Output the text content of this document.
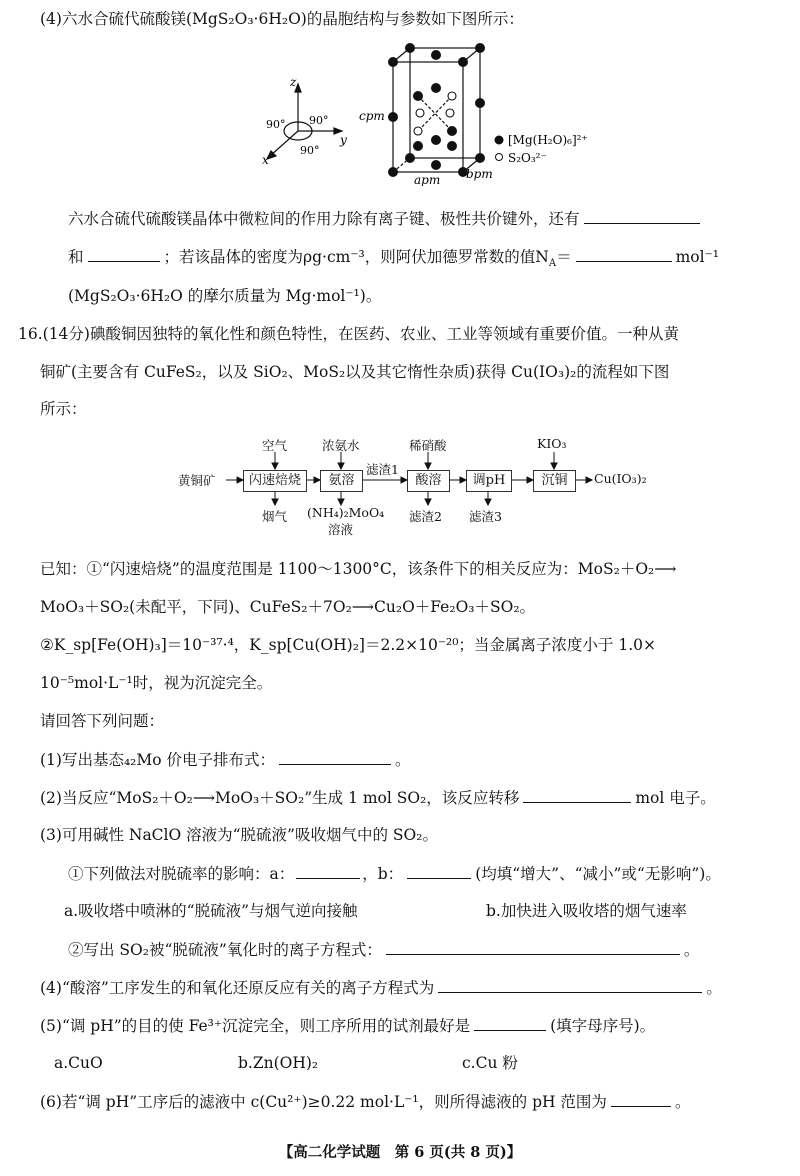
(4)六水合硫代硫酸镁(MgS₂O₃·6H₂O)的晶胞结构与参数如下图所示：
z
y
x
90° 90°
90°
cpm
apm bpm
[Mg(H₂O)₆]²⁺
S₂O₃²⁻
六水合硫代硫酸镁晶体中微粒间的作用力除有离子键、极性共价键外，还有
和	；若该晶体的密度为ρg·cm⁻³，则阿伏加德罗常数的值$N_A=$	mol⁻¹
(MgS₂O₃·6H₂O 的摩尔质量为 Mg·mol⁻¹)。
16.(14分)碘酸铜因独特的氧化性和颜色特性，在医药、农业、工业等领域有重要价值。一种从黄
铜矿(主要含有 CuFeS₂，以及 SiO₂、MoS₂以及其它惰性杂质)获得 Cu(IO₃)₂的流程如下图
所示：
黄铜矿	闪速焙烧	氨溶	酸溶	调pH	沉铜	Cu(IO₃)₂
空气	浓氨水	稀硝酸	KIO₃
滤渣1
烟气 (NH₄)₂MoO₄
溶液
滤渣2 滤渣3
已知：①“闪速焙烧”的温度范围是 1100～1300°C，该条件下的相关反应为：MoS₂＋O₂⟶
MoO₃＋SO₂(未配平，下同)、CuFeS₂＋7O₂⟶Cu₂O＋Fe₂O₃＋SO₂。
②K_sp[Fe(OH)₃]＝10⁻³⁷·⁴，K_sp[Cu(OH)₂]＝2.2×10⁻²⁰；当金属离子浓度小于 1.0×
10⁻⁵mol·L⁻¹时，视为沉淀完全。
请回答下列问题：
(1)写出基态₄₂Mo 价电子排布式：	。
(2)当反应“MoS₂＋O₂⟶MoO₃＋SO₂”生成 1 mol SO₂，该反应转移	mol 电子。
(3)可用碱性 NaClO 溶液为“脱硫液”吸收烟气中的 SO₂。
①下列做法对脱硫率的影响：a：	，b：	(均填“增大”、“减小”或“无影响”)。
a.吸收塔中喷淋的“脱硫液”与烟气逆向接触	b.加快进入吸收塔的烟气速率
②写出 SO₂被“脱硫液”氧化时的离子方程式：	。
(4)“酸溶”工序发生的和氧化还原反应有关的离子方程式为	。
(5)“调 pH”的目的使 Fe³⁺沉淀完全，则工序所用的试剂最好是	(填字母序号)。
a.CuO	b.Zn(OH)₂	c.Cu 粉
(6)若“调 pH”工序后的滤液中 c(Cu²⁺)≥0.22 mol·L⁻¹，则所得滤液的 pH 范围为	。
【高二化学试题　第 6 页(共 8 页)】
